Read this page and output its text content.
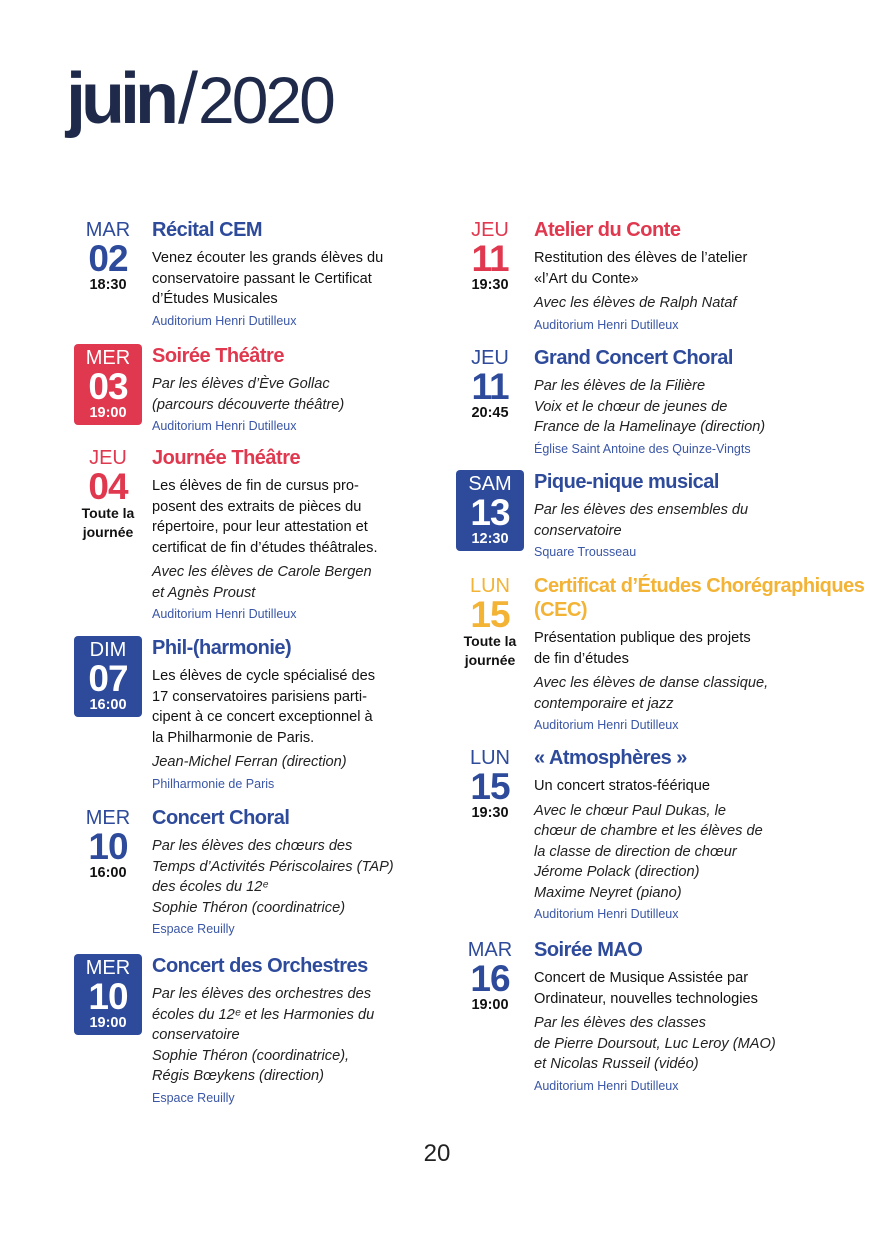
juin/2020
MAR
02
18:30
Récital CEM
Venez écouter les grands élèves du
conservatoire passant le Certificat
d’Études Musicales
Auditorium Henri Dutilleux
MER
03
19:00
Soirée Théâtre
Par les élèves d’Ève Gollac
(parcours découverte théâtre)
Auditorium Henri Dutilleux
JEU
04
Toute la journée
Journée Théâtre
Les élèves de fin de cursus pro-
posent des extraits de pièces du
répertoire, pour leur attestation et
certificat de fin d’études théâtrales.
Avec les élèves de Carole Bergen
et Agnès Proust
Auditorium Henri Dutilleux
DIM
07
16:00
Phil-(harmonie)
Les élèves de cycle spécialisé des
17 conservatoires parisiens parti-
cipent à ce concert exceptionnel à
la Philharmonie de Paris.
Jean-Michel Ferran (direction)
Philharmonie de Paris
MER
10
16:00
Concert Choral
Par les élèves des chœurs des
Temps d’Activités Périscolaires (TAP)
des écoles du 12ᵉ
Sophie Théron (coordinatrice)
Espace Reuilly
MER
10
19:00
Concert des Orchestres
Par les élèves des orchestres des
écoles du 12ᵉ et les Harmonies du
conservatoire
Sophie Théron (coordinatrice),
Régis Bœykens (direction)
Espace Reuilly
JEU
11
19:30
Atelier du Conte
Restitution des élèves de l’atelier
«l’Art du Conte»
Avec les élèves de Ralph Nataf
Auditorium Henri Dutilleux
JEU
11
20:45
Grand Concert Choral
Par les élèves de la Filière
Voix et le chœur de jeunes de
France de la Hamelinaye (direction)
Église Saint Antoine des Quinze-Vingts
SAM
13
12:30
Pique-nique musical
Par les élèves des ensembles du
conservatoire
Square Trousseau
LUN
15
Toute la journée
Certificat d’Études Chorégraphiques (CEC)
Présentation publique des projets
de fin d’études
Avec les élèves de danse classique,
contemporaire et jazz
Auditorium Henri Dutilleux
LUN
15
19:30
« Atmosphères »
Un concert stratos-féérique
Avec le chœur Paul Dukas, le
chœur de chambre et les élèves de
la classe de direction de chœur
Jérome Polack (direction)
Maxime Neyret (piano)
Auditorium Henri Dutilleux
MAR
16
19:00
Soirée MAO
Concert de Musique Assistée par
Ordinateur, nouvelles technologies
Par les élèves des classes
de Pierre Doursout, Luc Leroy (MAO)
et Nicolas Russeil (vidéo)
Auditorium Henri Dutilleux
20
